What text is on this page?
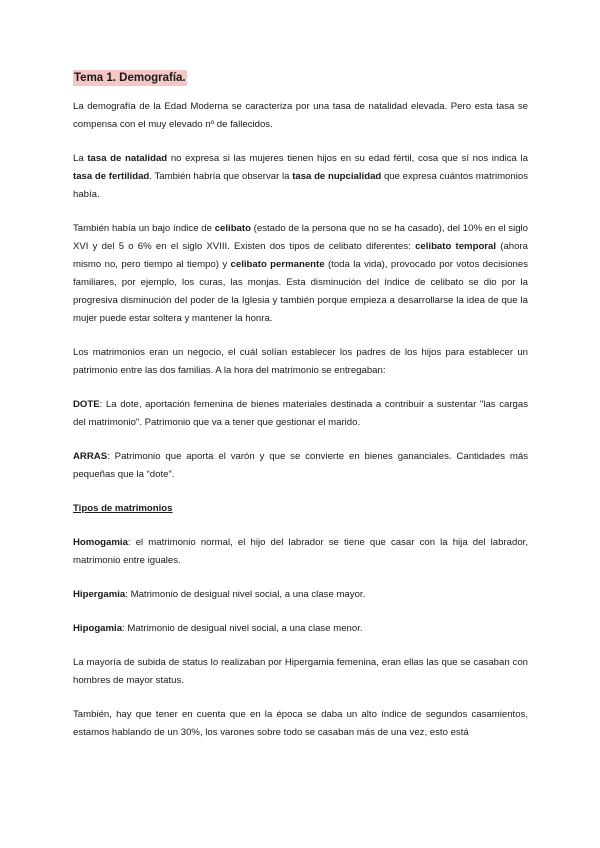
Tema 1. Demografía.

La demografía de la Edad Moderna se caracteriza por una tasa de natalidad elevada. Pero esta tasa se compensa con el muy elevado nº de fallecidos.

La tasa de natalidad no expresa si las mujeres tienen hijos en su edad fértil, cosa que sí nos indica la tasa de fertilidad. También habría que observar la tasa de nupcialidad que expresa cuántos matrimonios había.

También había un bajo índice de celibato (estado de la persona que no se ha casado), del 10% en el siglo XVI y del 5 o 6% en el siglo XVIII. Existen dos tipos de celibato diferentes: celibato temporal (ahora mismo no, pero tiempo al tiempo) y celibato permanente (toda la vida), provocado por votos decisiones familiares, por ejemplo, los curas, las monjas. Esta disminución del índice de celibato se dio por la progresiva disminución del poder de la Iglesia y también porque empieza a desarrollarse la idea de que la mujer puede estar soltera y mantener la honra.

Los matrimonios eran un negocio, el cuál solían establecer los padres de los hijos para establecer un patrimonio entre las dos familias. A la hora del matrimonio se entregaban:

DOTE: La dote, aportación femenina de bienes materiales destinada a contribuir a sustentar "las cargas del matrimonio". Patrimonio que va a tener que gestionar el marido.

ARRAS: Patrimonio que aporta el varón y que se convierte en bienes gananciales. Cantidades más pequeñas que la “dote”.

Tipos de matrimonios

Homogamia: el matrimonio normal, el hijo del labrador se tiene que casar con la hija del labrador, matrimonio entre iguales.

Hipergamia: Matrimonio de desigual nivel social, a una clase mayor.

Hipogamia: Matrimonio de desigual nivel social, a una clase menor.

La mayoría de subida de status lo realizaban por Hipergamia femenina, eran ellas las que se casaban con hombres de mayor status.

También, hay que tener en cuenta que en la época se daba un alto índice de segundos casamientos, estamos hablando de un 30%, los varones sobre todo se casaban más de una vez, esto está
